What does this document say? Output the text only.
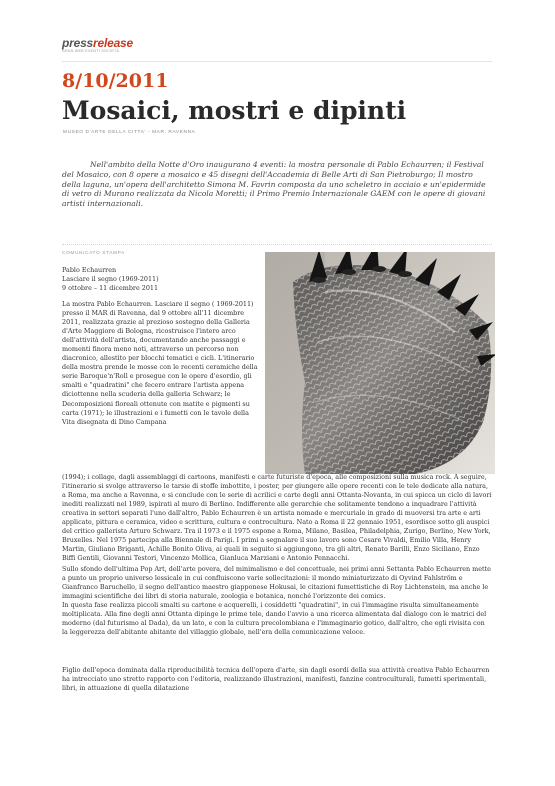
pressrelease
GRAN WEB EVENTI SOCIETÀ
8/10/2011
Mosaici, mostri e dipinti
MUSEO D'ARTE DELLA CITTA' - MAR, RAVENNA

Nell'ambito della Notte d'Oro inaugurano 4 eventi: la mostra personale di Pablo Echaurren; il Festival del Mosaico, con 8 opere a mosaico e 45 disegni dell'Accademia di Belle Arti di San Pietroburgo; Il mostro della laguna, un'opera dell'architetto Simona M. Favrin composta da uno scheletro in acciaio e un'epidermide di vetro di Murano realizzata da Nicola Moretti; il Primo Premio Internazionale GAEM con le opere di giovani artisti internazionali.

COMUNICATO STAMPA
Pablo Echaurren
Lasciare il segno (1969-2011)
9 ottobre – 11 dicembre 2011

La mostra Pablo Echaurren. Lasciare il segno ( 1969-2011) presso il MAR di Ravenna, dal 9 ottobre all'11 dicembre 2011, realizzata grazie al prezioso sostegno della Galleria d'Arte Maggiore di Bologna, ricostruisce l'intero arco dell'attività dell'artista, documentando anche passaggi e momenti finora meno noti, attraverso un percorso non diacronico, allestito per blocchi tematici e cicli. L'itinerario della mostra prende le mosse con le recenti ceramiche della serie Baroque'n'Roll e prosegue con le opere d'esordio, gli smalti e "quadratini" che fecero entrare l'artista appena diciottenne nella scuderia della galleria Schwarz; le Decomposizioni floreali ottenute con matite e pigmenti su carta (1971); le illustrazioni e i fumetti con le tavole della Vita disegnata di Dino Campana

(1994); i collage, dagli assemblaggi di cartoons, manifesti e carte futuriste d'epoca, alle composizioni sulla musica rock. A seguire, l'itinerario si svolge attraverso le tarsie di stoffe imbottite, i poster, per giungere alle opere recenti con le tele dedicate alla natura, a Roma, ma anche a Ravenna, e si conclude con le serie di acrilici e carte degli anni Ottanta-Novanta, in cui spicca un ciclo di lavori inediti realizzati nel 1989, ispirati al muro di Berlino. Indifferente alle gerarchie che solitamente tendono a inquadrare l'attività creativa in settori separati l'uno dall'altro, Pablo Echaurren è un artista nomade e mercuriale in grado di muoversi tra arte e arti applicate, pittura e ceramica, video e scrittura, cultura e controcultura. Nato a Roma il 22 gennaio 1951, esordisce sotto gli auspici del critico gallerista Arturo Schwarz. Tra il 1973 e il 1975 espone a Roma, Milano, Basilea, Philadelphia, Zurigo, Berlino, New York, Bruxelles. Nel 1975 partecipa alla Biennale di Parigi. I primi a segnalare il suo lavoro sono Cesare Vivaldi, Emilio Villa, Henry Martin, Giuliano Briganti, Achille Bonito Oliva, ai quali in seguito si aggiungono, tra gli altri, Renato Barilli, Enzo Siciliano, Enzo Biffi Gentili, Giovanni Testori, Vincenzo Mollica, Gianluca Marziani e Antonio Pennacchi.

Sullo sfondo dell'ultima Pop Art, dell'arte povera, del minimalismo e del concettuale, nei primi anni Settanta Pablo Echaurren mette a punto un proprio universo lessicale in cui confluiscono varie sollecitazioni: il mondo miniaturizzato di Oyvind Fahlström e Gianfranco Baruchello, il segno dell'antico maestro giapponese Hokusai, le citazioni fumettistiche di Roy Lichtenstein, ma anche le immagini scientifiche dei libri di storia naturale, zoologia e botanica, nonché l'orizzonte dei comics.

In questa fase realizza piccoli smalti su cartone e acquerelli, i cosiddetti "quadratini", in cui l'immagine risulta simultaneamente moltiplicata. Alla fine degli anni Ottanta dipinge le prime tele, dando l'avvio a una ricerca alimentata dal dialogo con le matrici del moderno (dal futurismo al Dada), da un lato, e con la cultura precolombiana e l'immaginario gotico, dall'altro, che egli rivisita con la leggerezza dell'abitante abitante del villaggio globale, nell'era della comunicazione veloce.

Figlio dell'epoca dominata dalla riproducibilità tecnica dell'opera d'arte, sin dagli esordi della sua attività creativa Pablo Echaurren ha intrecciato uno stretto rapporto con l'editoria, realizzando illustrazioni, manifesti, fanzine controculturali, fumetti sperimentali, libri, in attuazione di quella dilatazione
